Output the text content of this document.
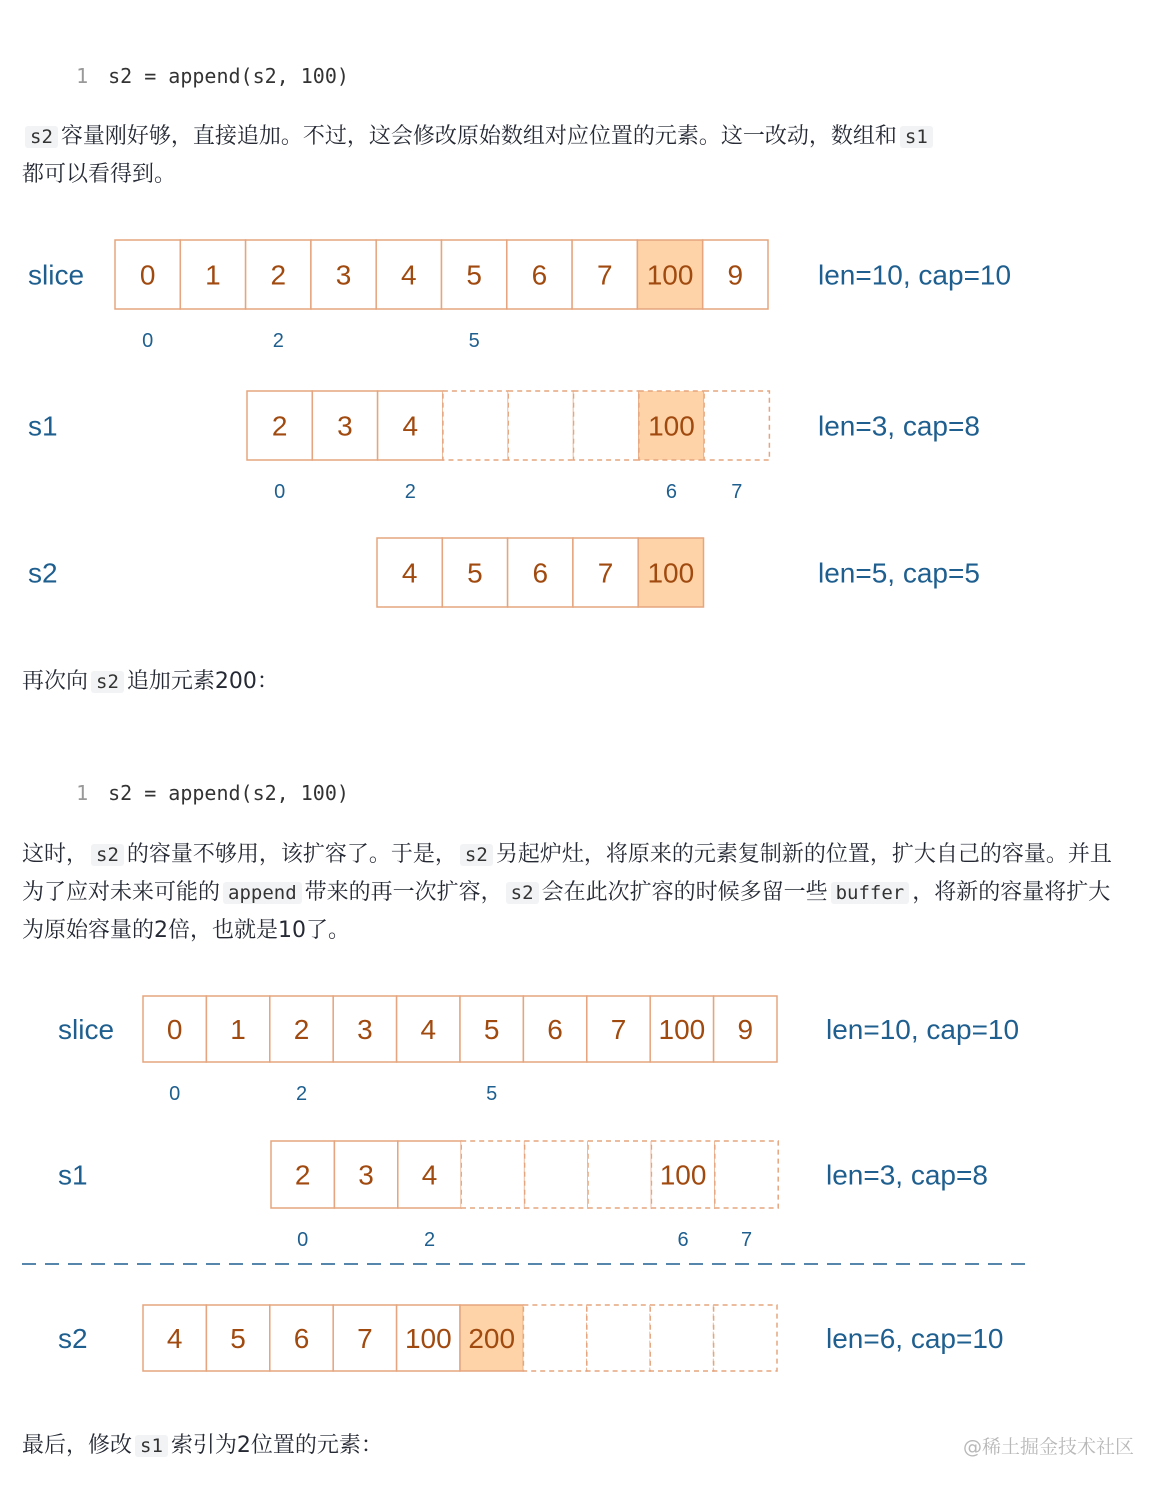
1 s2 = append(s2, 100)

s2 容量刚好够，直接追加。不过，这会修改原始数组对应位置的元素。这一改动，数组和 s1
都可以看得到。
slice 0 1 2 3 4 5 6 7 100 9
0	2	5
len=10, cap=10
s1	2 3 4	100
0	2	6	7
len=3, cap=8
s2	4 5 6 7 100	len=5, cap=5
再次向 s2 追加元素200：

1 s2 = append(s2, 100)

这时， s2 的容量不够用，该扩容了。于是， s2 另起炉灶，将原来的元素复制新的位置，扩大自己的容量。并且为了应对未来可能的 append 带来的再一次扩容， s2 会在此次扩容的时候多留一些 buffer ，将新的容量将扩大为原始容量的2倍，也就是10了。
slice 0 1 2 3 4 5 6 7 100 9
0	2	5
len=10, cap=10
s1	2 3 4	100
0	2	6	7
len=3, cap=8
s2	4 5 6 7 100 200	len=6, cap=10
最后，修改 s1 索引为2位置的元素：	@稀土掘金技术社区
